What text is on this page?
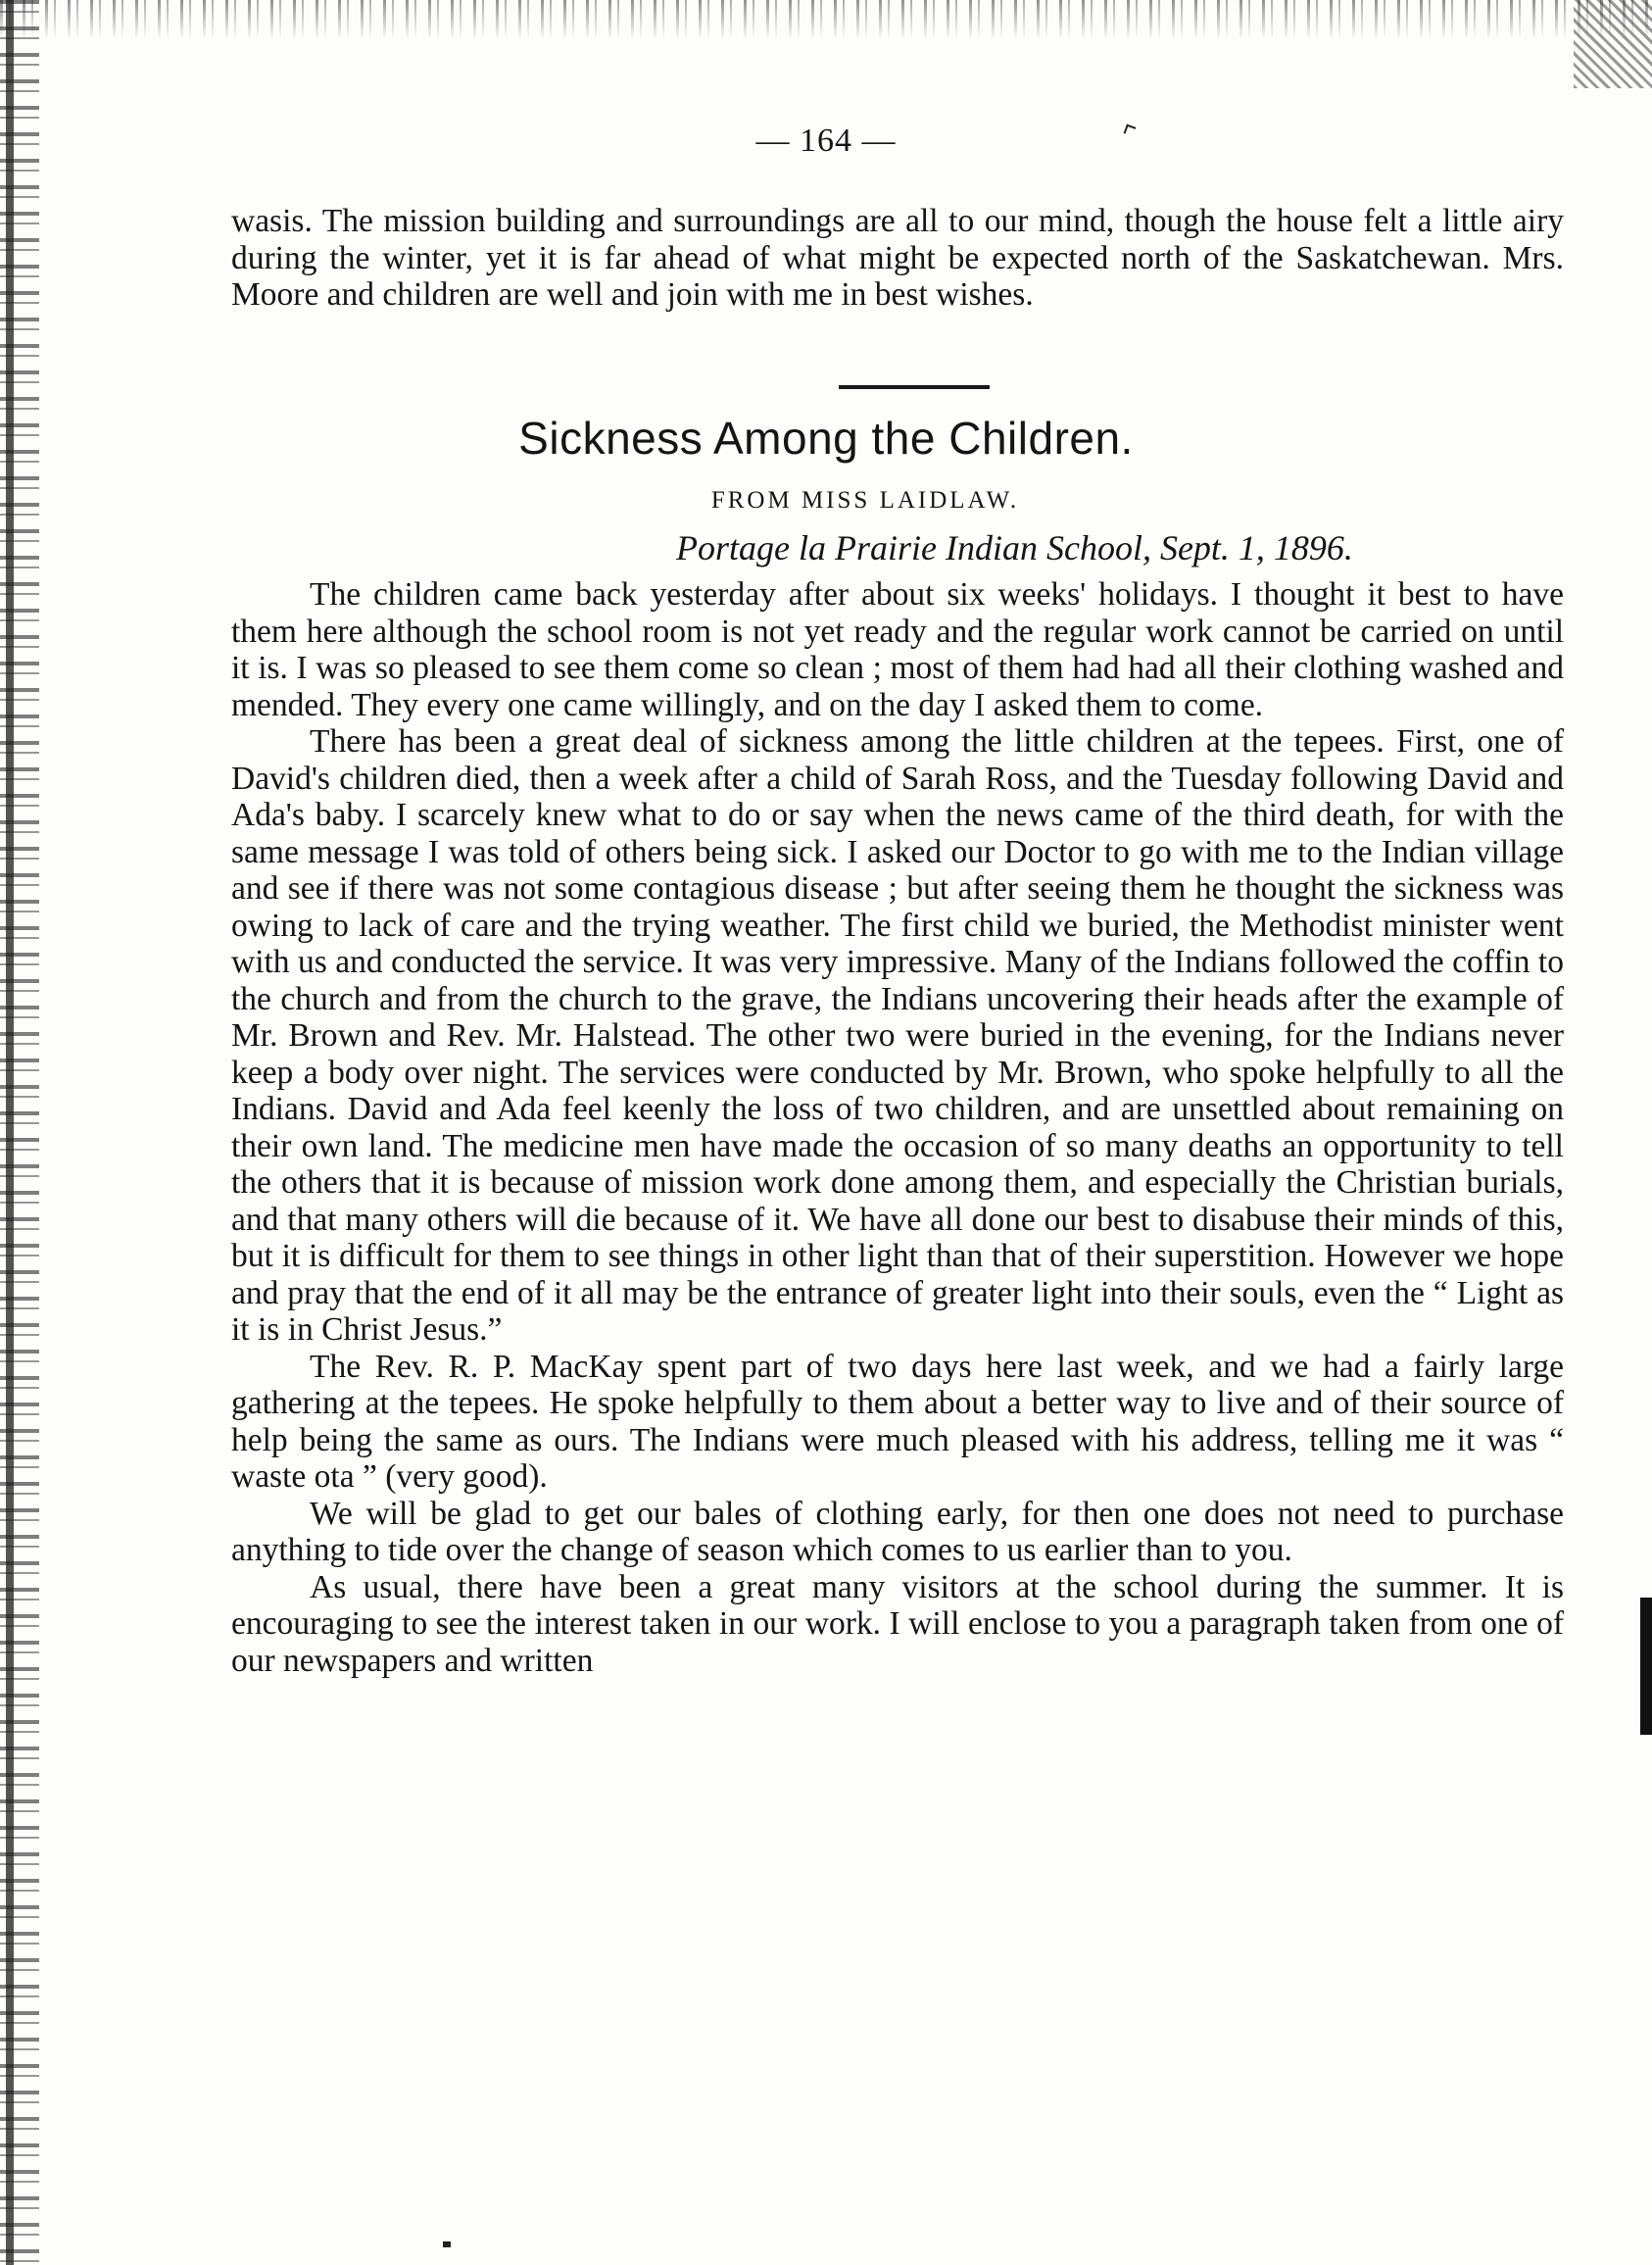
— 164 —

wasis. The mission building and surroundings are all to our mind, though the house felt a little airy during the winter, yet it is far ahead of what might be expected north of the Saskatchewan. Mrs. Moore and children are well and join with me in best wishes.

Sickness Among the Children.
FROM MISS LAIDLAW.
Portage la Prairie Indian School, Sept. 1, 1896.

The children came back yesterday after about six weeks' holidays. I thought it best to have them here although the school room is not yet ready and the regular work cannot be carried on until it is. I was so pleased to see them come so clean ; most of them had had all their clothing washed and mended. They every one came willingly, and on the day I asked them to come.

There has been a great deal of sickness among the little children at the tepees. First, one of David's children died, then a week after a child of Sarah Ross, and the Tuesday following David and Ada's baby. I scarcely knew what to do or say when the news came of the third death, for with the same message I was told of others being sick. I asked our Doctor to go with me to the Indian village and see if there was not some contagious disease ; but after seeing them he thought the sickness was owing to lack of care and the trying weather. The first child we buried, the Methodist minister went with us and conducted the service. It was very impressive. Many of the Indians followed the coffin to the church and from the church to the grave, the Indians uncovering their heads after the example of Mr. Brown and Rev. Mr. Halstead. The other two were buried in the evening, for the Indians never keep a body over night. The services were conducted by Mr. Brown, who spoke helpfully to all the Indians. David and Ada feel keenly the loss of two children, and are unsettled about remaining on their own land. The medicine men have made the occasion of so many deaths an opportunity to tell the others that it is because of mission work done among them, and especially the Christian burials, and that many others will die because of it. We have all done our best to disabuse their minds of this, but it is difficult for them to see things in other light than that of their superstition. However we hope and pray that the end of it all may be the entrance of greater light into their souls, even the “ Light as it is in Christ Jesus.”

The Rev. R. P. MacKay spent part of two days here last week, and we had a fairly large gathering at the tepees. He spoke helpfully to them about a better way to live and of their source of help being the same as ours. The Indians were much pleased with his address, telling me it was “ waste ota ” (very good).

We will be glad to get our bales of clothing early, for then one does not need to purchase anything to tide over the change of season which comes to us earlier than to you.

As usual, there have been a great many visitors at the school during the summer. It is encouraging to see the interest taken in our work. I will enclose to you a paragraph taken from one of our newspapers and written
